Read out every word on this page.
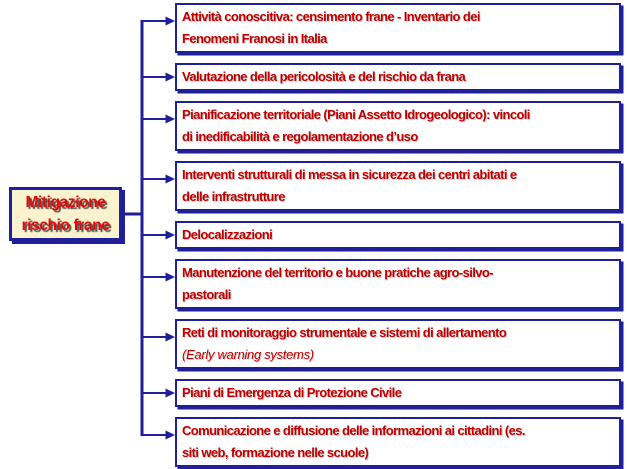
Mitigazione
rischio frane
Attività conoscitiva: censimento frane - Inventario dei
Fenomeni Franosi in Italia
Valutazione della pericolosità e del rischio da frana
Pianificazione territoriale (Piani Assetto Idrogeologico): vincoli
di inedificabilità e regolamentazione d’uso
Interventi strutturali di messa in sicurezza dei centri abitati e
delle infrastrutture
Delocalizzazioni
Manutenzione del territorio e buone pratiche agro-silvo-
pastorali
Reti di monitoraggio strumentale e sistemi di allertamento
(Early warning systems)
Piani di Emergenza di Protezione Civile
Comunicazione e diffusione delle informazioni ai cittadini (es.
siti web, formazione nelle scuole)
